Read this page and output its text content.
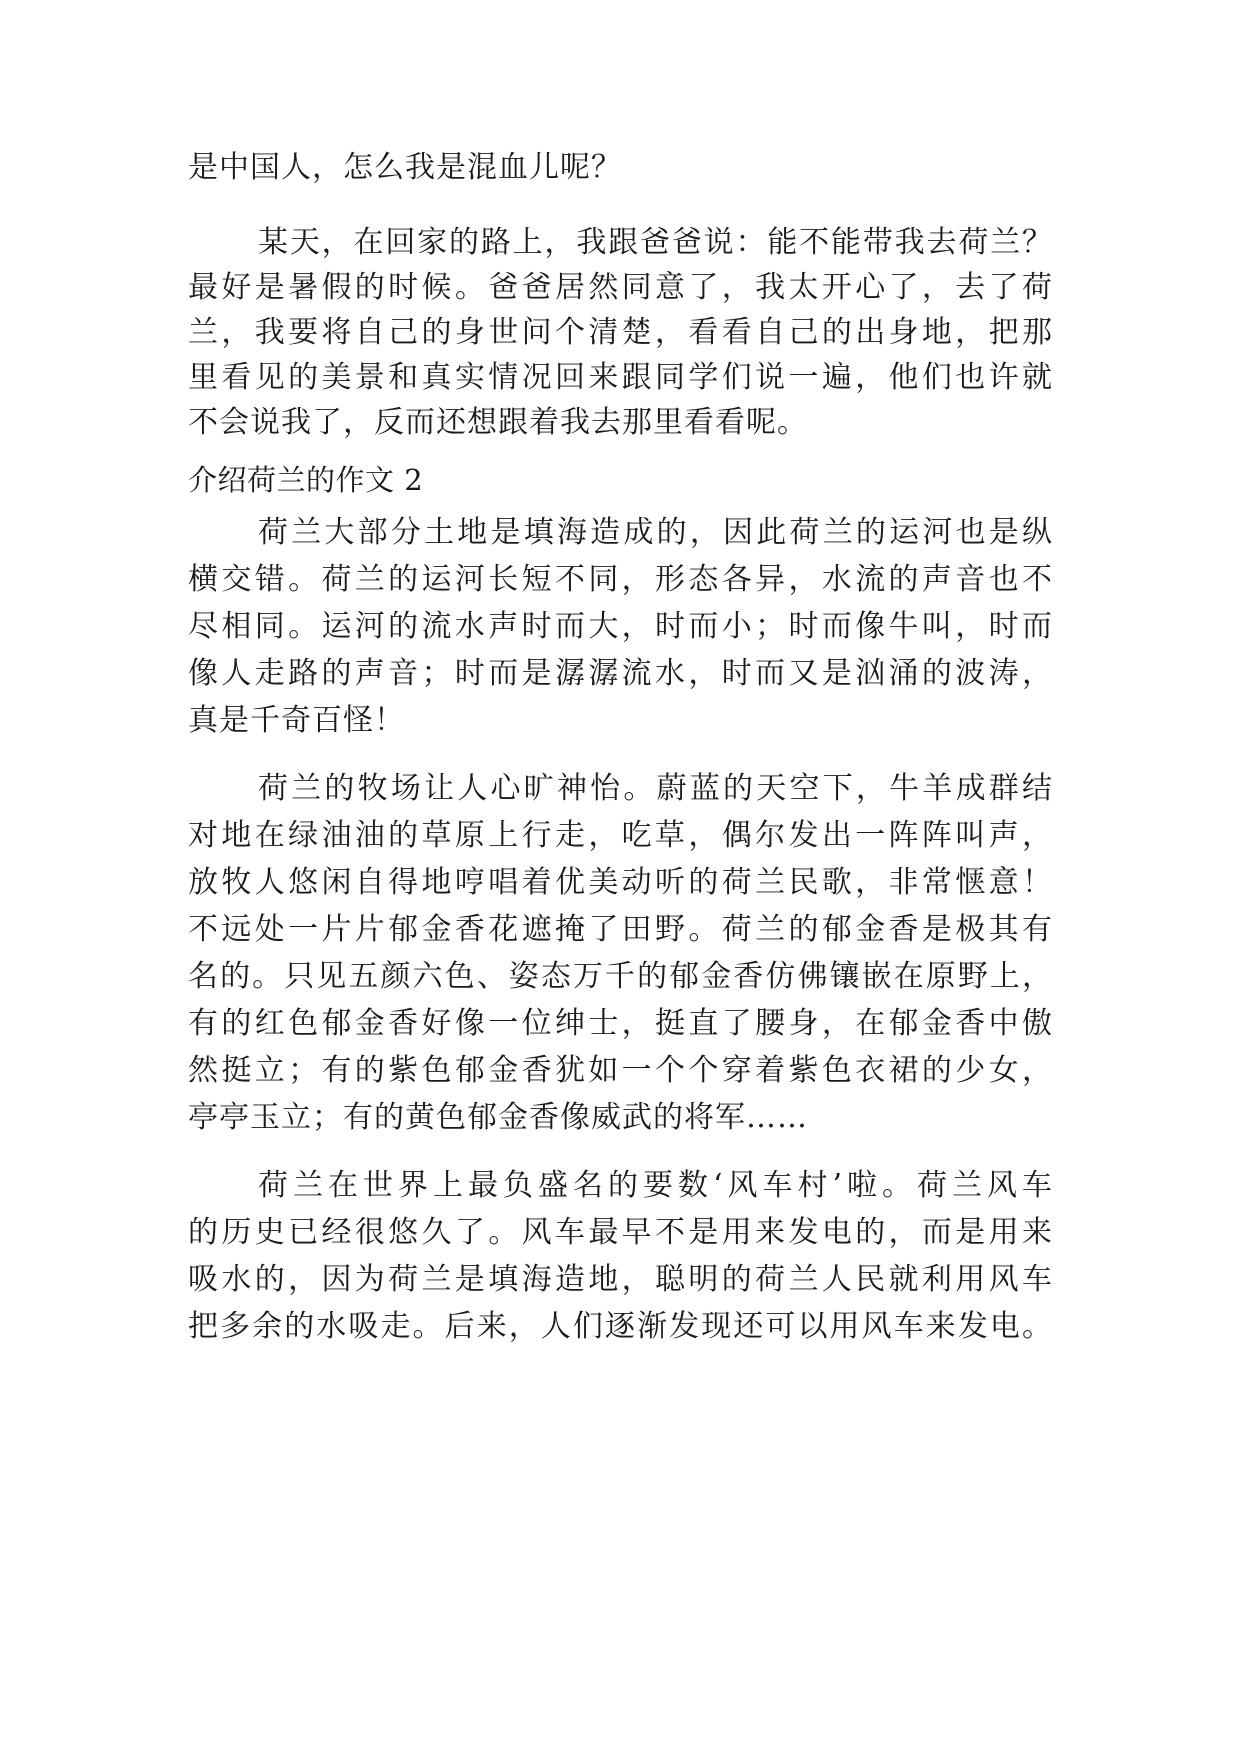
是中国人，怎么我是混血儿呢？
某天，在回家的路上，我跟爸爸说：能不能带我去荷兰？
最好是暑假的时候。爸爸居然同意了，我太开心了，去了荷
兰，我要将自己的身世问个清楚，看看自己的出身地，把那
里看见的美景和真实情况回来跟同学们说一遍，他们也许就
不会说我了，反而还想跟着我去那里看看呢。
介绍荷兰的作文 2
荷兰大部分土地是填海造成的，因此荷兰的运河也是纵
横交错。荷兰的运河长短不同，形态各异，水流的声音也不
尽相同。运河的流水声时而大，时而小；时而像牛叫，时而
像人走路的声音；时而是潺潺流水，时而又是汹涌的波涛，
真是千奇百怪！
荷兰的牧场让人心旷神怡。蔚蓝的天空下，牛羊成群结
对地在绿油油的草原上行走，吃草，偶尔发出一阵阵叫声，
放牧人悠闲自得地哼唱着优美动听的荷兰民歌，非常惬意！
不远处一片片郁金香花遮掩了田野。荷兰的郁金香是极其有
名的。只见五颜六色、姿态万千的郁金香仿佛镶嵌在原野上，
有的红色郁金香好像一位绅士，挺直了腰身，在郁金香中傲
然挺立；有的紫色郁金香犹如一个个穿着紫色衣裙的少女，
亭亭玉立；有的黄色郁金香像威武的将军……
荷兰在世界上最负盛名的要数‘风车村’啦。荷兰风车
的历史已经很悠久了。风车最早不是用来发电的，而是用来
吸水的，因为荷兰是填海造地，聪明的荷兰人民就利用风车
把多余的水吸走。后来，人们逐渐发现还可以用风车来发电。
